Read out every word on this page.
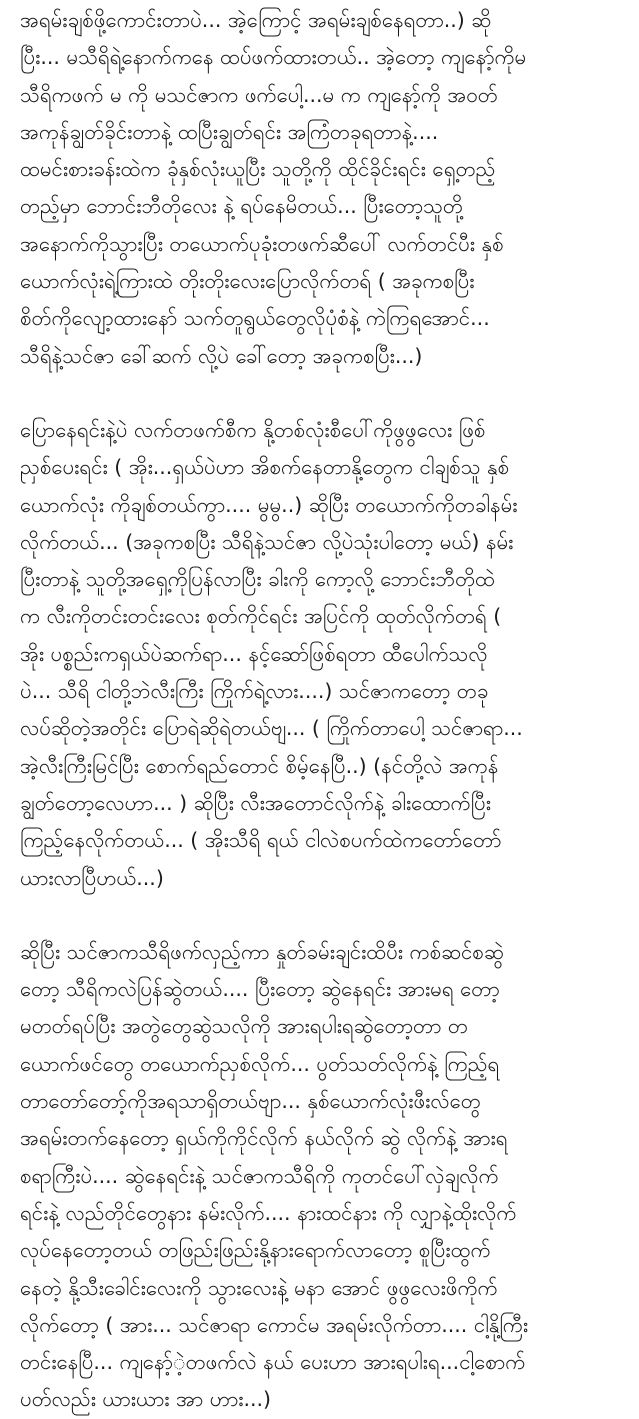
အရမ်းချစ်ဖို့ကောင်းတာပဲ... အဲ့ကြောင့် အရမ်းချစ်နေရတာ..) ဆို
ပြီး... မသီရိရဲ့နောက်ကနေ ထပ်ဖက်ထားတယ်.. အဲ့တော့ ကျနော့်ကိုမ
သီရိကဖက် မ ကို မသင်ဇာက ဖက်ပေါ့...မ က ကျနော့်ကို အဝတ်
အကုန်ချွတ်ခိုင်းတာနဲ့ ထပြီးချွတ်ရင်း အကြံတခုရတာနဲ့....
ထမင်းစားခန်းထဲက ခုံနှစ်လုံးယူပြီး သူတို့ကို ထိုင်ခိုင်းရင်း ရှေ့တည့်
တည့်မှာ ဘောင်းဘီတိုလေး နဲ့ ရပ်နေမိတယ်... ပြီးတော့သူတို့
အနောက်ကိုသွားပြီး တယောက်ပုခုံးတဖက်ဆီပေါ် လက်တင်ပီး နှစ်
ယောက်လုံးရဲ့ကြားထဲ တိုးတိုးလေးပြောလိုက်တရ် ( အခုကစပြီး
စိတ်ကိုလျော့ထားနော် သက်တူရွယ်တွေလိုပုံစံနဲ့ ကဲကြရအောင်...
သီရိနဲ့သင်ဇာ ခေါ်ဆက် လို့ပဲ ခေါ်တော့ အခုကစပြီး...)
ပြောနေရင်းနဲ့ပဲ လက်တဖက်စီက နို့တစ်လုံးစီပေါ်ကိုဖွဖွလေး ဖြစ်
ညှစ်ပေးရင်း ( အိုး...ရှယ်ပဲဟာ အိစက်နေတာနို့တွေက ငါချစ်သူ နှစ်
ယောက်လုံး ကိုချစ်တယ်ကွာ.... မွမွ..) ဆိုပြီး တယောက်ကိုတခါနမ်း
လိုက်တယ်... (အခုကစပြီး သီရိနဲ့သင်ဇာ လို့ပဲသုံးပါတော့ မယ်) နမ်း
ပြီးတာနဲ့ သူတို့အရှေ့ကိုပြန်လာပြီး ခါးကို ကော့လို့ ဘောင်းဘီတိုထဲ
က လီးကိုတင်းတင်းလေး စုတ်ကိုင်ရင်း အပြင်ကို ထုတ်လိုက်တရ် (
အိုး ပစ္စည်းကရှယ်ပဲဆက်ရာ... နင့်ဆော်ဖြစ်ရတာ ထီပေါက်သလို
ပဲ... သီရိ ငါတို့ဘဲလီးကြီး ကြိုက်ရဲ့လား....) သင်ဇာကတော့ တခု
လပ်ဆိုတဲ့အတိုင်း ပြောရဲဆိုရဲတယ်ဗျ... ( ကြိုက်တာပေါ့ သင်ဇာရာ...
အဲ့လီးကြီးမြင်ပြီး စောက်ရည်တောင် စိမ့်နေပြီ..) (နင်တို့လဲ အကုန်
ချွတ်တော့လေဟာ... ) ဆိုပြီး လီးအတောင်လိုက်နဲ့ ခါးထောက်ပြီး
ကြည့်နေလိုက်တယ်... ( အိုးသီရိ ရယ် ငါလဲစပက်ထဲကတော်တော်
ယားလာပြီဟယ်...)
ဆိုပြီး သင်ဇာကသီရိဖက်လှည့်ကာ နှုတ်ခမ်းချင်းထိပီး ကစ်ဆင်စဆွဲ
တော့ သီရိကလဲပြန်ဆွဲတယ်.... ပြီးတော့ ဆွဲနေရင်း အားမရ တော့
မတတ်ရပ်ပြီး အတွဲတွေဆွဲသလိုကို အားရပါးရဆွဲတော့တာ တ
ယောက်ဖင်တွေ တယောက်ညှစ်လိုက်... ပွတ်သတ်လိုက်နဲ့ ကြည့်ရ
တာတော်တော့်ကိုအရသာရှိတယ်ဗျာ... နှစ်ယောက်လုံးဖီးလ်တွေ
အရမ်းတက်နေတော့ ရှယ်ကိုကိုင်လိုက် နယ်လိုက် ဆွဲ လိုက်နဲ့ အားရ
စရာကြီးပဲ.... ဆွဲနေရင်းနဲ့ သင်ဇာကသီရိကို ကုတင်ပေါ်လှဲချလိုက်
ရင်းနဲ့ လည်တိုင်တွေနား နမ်းလိုက်.... နားထင်နား ကို လျှာနဲ့ထိုးလိုက်
လုပ်နေတော့တယ် တဖြည်းဖြည်းနို့နားရောက်လာတော့ စူပြီးထွက်
နေတဲ့ နို့သီးခေါင်းလေးကို သွားလေးနဲ့ မနာ အောင် ဖွဖွလေးဖိကိုက်
လိုက်တော့ ( အား... သင်ဇာရာ ကောင်မ အရမ်းလိုက်တာ.... ငါ့နို့ကြီး
တင်းနေပြီ... ကျနော့်ဲ့တဖက်လဲ နယ် ပေးဟာ အားရပါးရ...ငါ့စောက်
ပတ်လည်း ယားယား အာ ဟား...)
